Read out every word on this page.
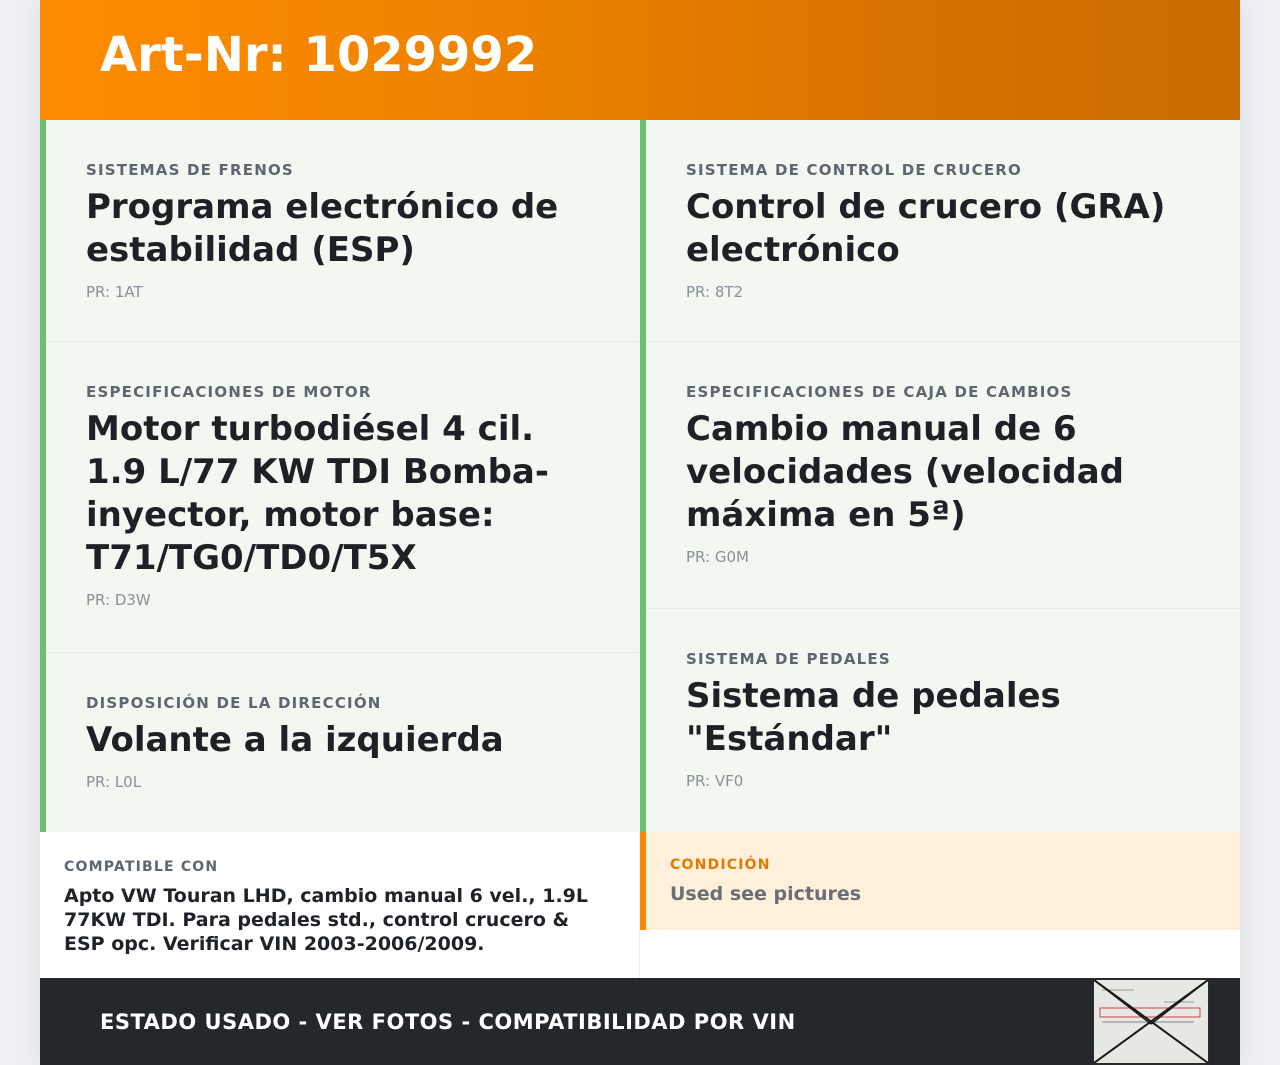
Art-Nr: 1029992
SISTEMAS DE FRENOS
Programa electrónico de estabilidad (ESP)
PR: 1AT
ESPECIFICACIONES DE MOTOR
Motor turbodiésel 4 cil. 1.9 L/77 KW TDI Bomba-inyector, motor base: T71/TG0/TD0/T5X
PR: D3W
DISPOSICIÓN DE LA DIRECCIÓN
Volante a la izquierda
PR: L0L
SISTEMA DE CONTROL DE CRUCERO
Control de crucero (GRA) electrónico
PR: 8T2
ESPECIFICACIONES DE CAJA DE CAMBIOS
Cambio manual de 6 velocidades (velocidad máxima en 5ª)
PR: G0M
SISTEMA DE PEDALES
Sistema de pedales "Estándar"
PR: VF0
COMPATIBLE CON
Apto VW Touran LHD, cambio manual 6 vel., 1.9L 77KW TDI. Para pedales std., control crucero & ESP opc. Verificar VIN 2003-2006/2009.
CONDICIÓN
Used see pictures
ESTADO USADO - VER FOTOS - COMPATIBILIDAD POR VIN
